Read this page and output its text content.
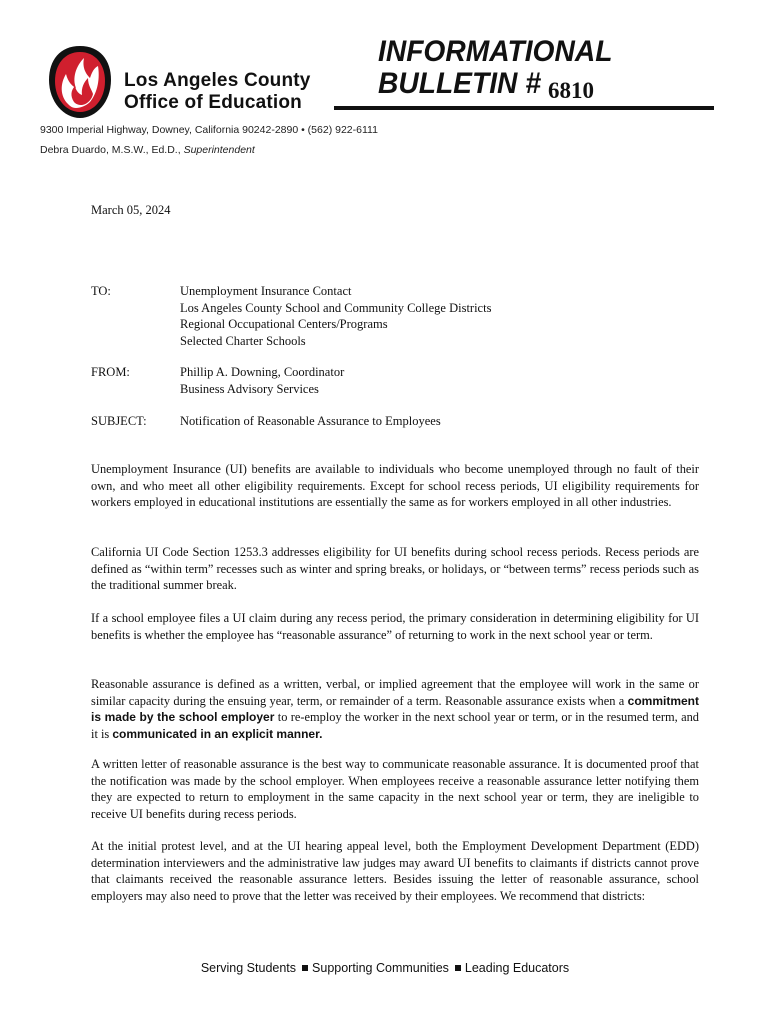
Los Angeles County
Office of Education
INFORMATIONAL
BULLETIN # 6810
9300 Imperial Highway, Downey, California 90242-2890 • (562) 922-6111
Debra Duardo, M.S.W., Ed.D., Superintendent
March 05, 2024
TO:	Unemployment Insurance Contact
Los Angeles County School and Community College Districts
Regional Occupational Centers/Programs
Selected Charter Schools
FROM:	Phillip A. Downing, Coordinator
Business Advisory Services
SUBJECT:	Notification of Reasonable Assurance to Employees

Unemployment Insurance (UI) benefits are available to individuals who become unemployed through no fault of their own, and who meet all other eligibility requirements. Except for school recess periods, UI eligibility requirements for workers employed in educational institutions are essentially the same as for workers employed in all other industries.

California UI Code Section 1253.3 addresses eligibility for UI benefits during school recess periods. Recess periods are defined as “within term” recesses such as winter and spring breaks, or holidays, or “between terms” recess periods such as the traditional summer break.

If a school employee files a UI claim during any recess period, the primary consideration in determining eligibility for UI benefits is whether the employee has “reasonable assurance” of returning to work in the next school year or term.

Reasonable assurance is defined as a written, verbal, or implied agreement that the employee will work in the same or similar capacity during the ensuing year, term, or remainder of a term. Reasonable assurance exists when a commitment is made by the school employer to re-employ the worker in the next school year or term, or in the resumed term, and it is communicated in an explicit manner.

A written letter of reasonable assurance is the best way to communicate reasonable assurance. It is documented proof that the notification was made by the school employer. When employees receive a reasonable assurance letter notifying them they are expected to return to employment in the same capacity in the next school year or term, they are ineligible to receive UI benefits during recess periods.

At the initial protest level, and at the UI hearing appeal level, both the Employment Development Department (EDD) determination interviewers and the administrative law judges may award UI benefits to claimants if districts cannot prove that claimants received the reasonable assurance letters. Besides issuing the letter of reasonable assurance, school employers may also need to prove that the letter was received by their employees. We recommend that districts:

Serving Students Supporting Communities Leading Educators
